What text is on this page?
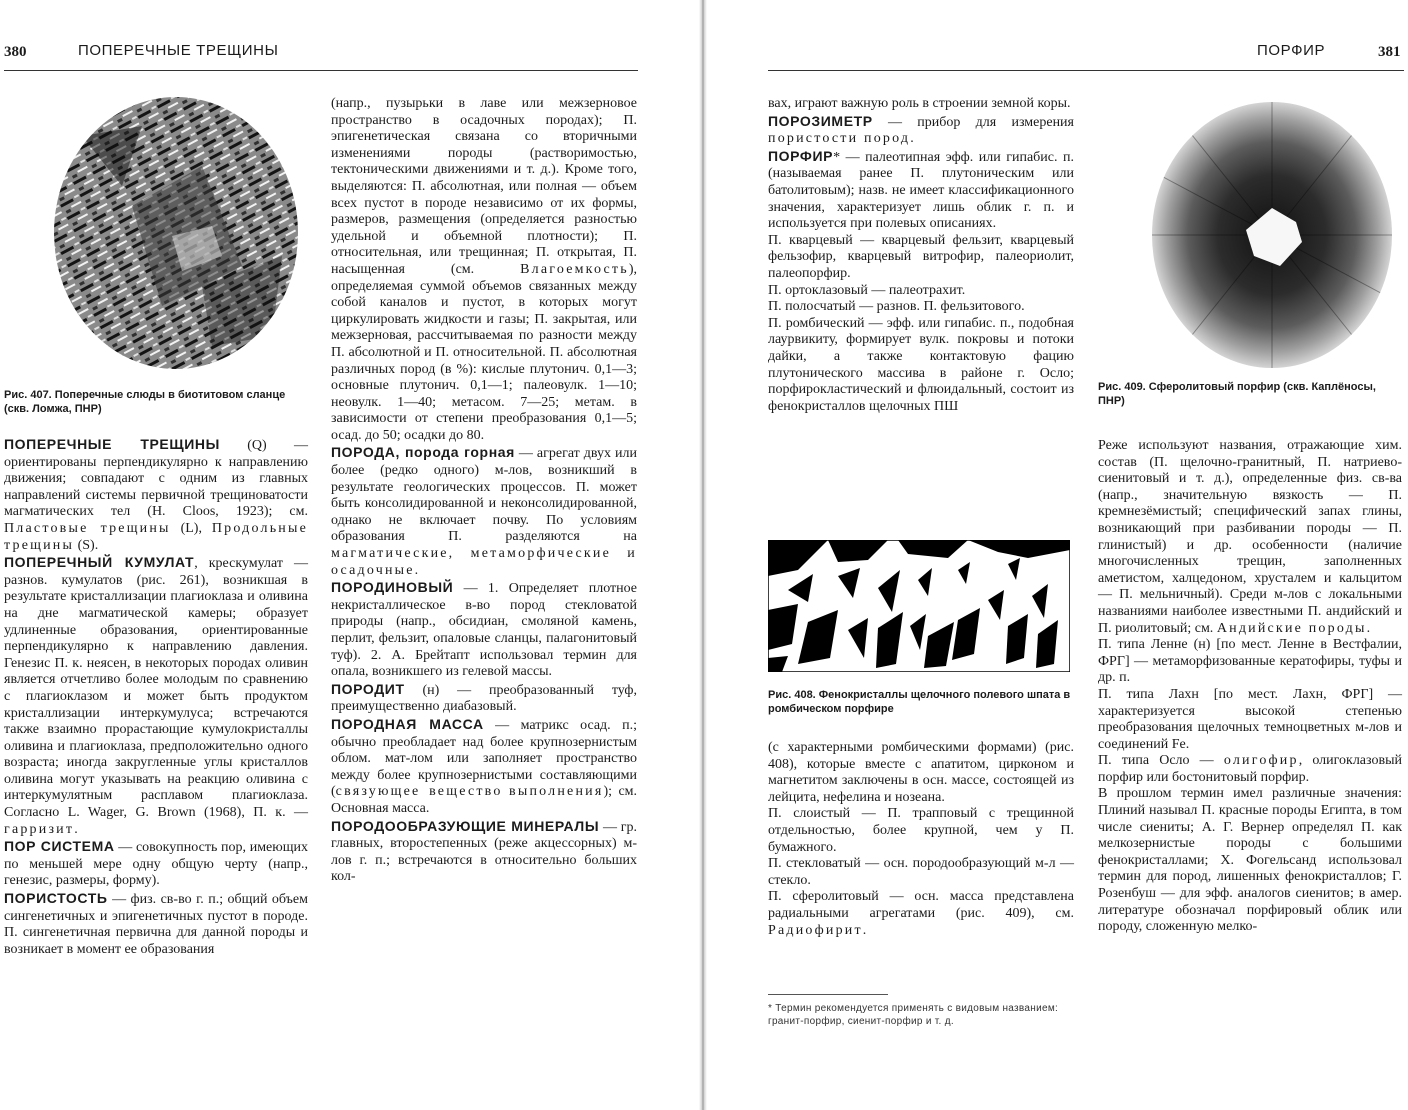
380	ПОПЕРЕЧНЫЕ ТРЕЩИНЫ
Рис. 407. Поперечные слюды в биотитовом сланце (скв. Ломжа, ПНР)

ПОПЕРЕЧНЫЕ ТРЕЩИНЫ (Q) — ориентированы перпендикулярно к направлению движения; совпадают с одним из главных направлений системы первичной трещиноватости магматических тел (H. Cloos, 1923); см. Пластовые трещины (L), Продольные трещины (S).

ПОПЕРЕЧНЫЙ КУМУЛАТ, крескумулат — разнов. кумулатов (рис. 261), возникшая в результате кристаллизации плагиоклаза и оливина на дне магматической камеры; образует удлиненные образования, ориентированные перпендикулярно к направлению давления. Генезис П. к. неясен, в некоторых породах оливин является отчетливо более молодым по сравнению с плагиоклазом и может быть продуктом кристаллизации интеркумулуса; встречаются также взаимно прорастающие кумулокристаллы оливина и плагиоклаза, предположительно одного возраста; иногда закругленные углы кристаллов оливина могут указывать на реакцию оливина с интеркумулятным расплавом плагиоклаза. Согласно L. Wager, G. Brown (1968), П. к. — гарризит.

ПОР СИСТЕМА — совокупность пор, имеющих по меньшей мере одну общую черту (напр., генезис, размеры, форму).

ПОРИСТОСТЬ — физ. св-во г. п.; общий объем сингенетичных и эпигенетичных пустот в породе. П. сингенетичная первична для данной породы и возникает в момент ее образования

(напр., пузырьки в лаве или межзерновое пространство в осадочных породах); П. эпигенетическая связана со вторичными изменениями породы (растворимостью, тектоническими движениями и т. д.). Кроме того, выделяются: П. абсолютная, или полная — объем всех пустот в породе независимо от их формы, размеров, размещения (определяется разностью удельной и объемной плотности); П. относительная, или трещинная; П. открытая, П. насыщенная (см. Влагоемкость), определяемая суммой объемов связанных между собой каналов и пустот, в которых могут циркулировать жидкости и газы; П. закрытая, или межзерновая, рассчитываемая по разности между П. абсолютной и П. относительной. П. абсолютная различных пород (в %): кислые плутонич. 0,1—3; основные плутонич. 0,1—1; палеовулк. 1—10; неовулк. 1—40; метасом. 7—25; метам. в зависимости от степени преобразования 0,1—5; осад. до 50; осадки до 80.

ПОРОДА, порода горная — агрегат двух или более (редко одного) м-лов, возникший в результате геологических процессов. П. может быть консолидированной и неконсолидированной, однако не включает почву. По условиям образования П. разделяются на магматические, метаморфические и осадочные.

ПОРОДИНОВЫЙ — 1. Определяет плотное некристаллическое в-во пород стекловатой природы (напр., обсидиан, смоляной камень, перлит, фельзит, опаловые сланцы, палагонитовый туф). 2. А. Брейтапт использовал термин для опала, возникшего из гелевой массы.

ПОРОДИТ (н) — преобразованный туф, преимущественно диабазовый.

ПОРОДНАЯ МАССА — матрикс осад. п.; обычно преобладает над более крупнозернистым облом. мат-лом или заполняет пространство между более крупнозернистыми составляющими (связующее вещество выполнения); см. Основная масса.

ПОРОДООБРАЗУЮЩИЕ МИНЕРАЛЫ — гр. главных, второстепенных (реже акцессорных) м-лов г. п.; встречаются в относительно больших кол-

ПОРФИР	381

вах, играют важную роль в строении земной коры.

ПОРОЗИМЕТР — прибор для измерения пористости пород.

ПОРФИР* — палеотипная эфф. или гипабис. п. (называемая ранее П. плутоническим или батолитовым); назв. не имеет классификационного значения, характеризует лишь облик г. п. и используется при полевых описаниях.

П. кварцевый — кварцевый фельзит, кварцевый фельзофир, кварцевый витрофир, палеориолит, палеопорфир.

П. ортоклазовый — палеотрахит.

П. полосчатый — разнов. П. фельзитового.

П. ромбический — эфф. или гипабис. п., подобная лаурвикиту, формирует вулк. покровы и потоки дайки, а также контактовую фацию плутонического массива в районе г. Осло; порфирокластический и флюидальный, состоит из фенокристаллов щелочных ПШ

Рис. 408. Фенокристаллы щелочного полевого шпата в ромбическом порфире

(с характерными ромбическими формами) (рис. 408), которые вместе с апатитом, цирконом и магнетитом заключены в осн. массе, состоящей из лейцита, нефелина и нозеана.

П. слоистый — П. трапповый с трещинной отдельностью, более крупной, чем у П. бумажного.

П. стекловатый — осн. породообразующий м-л — стекло.

П. сферолитовый — осн. масса представлена радиальными агрегатами (рис. 409), см. Радиофирит.

* Термин рекомендуется применять с видовым названием: гранит-порфир, сиенит-порфир и т. д.
Рис. 409. Сферолитовый порфир (скв. Каплёносы, ПНР)

Реже используют названия, отражающие хим. состав (П. щелочно-гранитный, П. натриево-сиенитовый и т. д.), определенные физ. св-ва (напр., значительную вязкость — П. кремнезёмистый; специфический запах глины, возникающий при разбивании породы — П. глинистый) и др. особенности (наличие многочисленных трещин, заполненных аметистом, халцедоном, хрусталем и кальцитом — П. мельничный). Среди м-лов с локальными названиями наиболее известными П. андийский и П. риолитовый; см. Андийские породы.

П. типа Ленне (н) [по мест. Ленне в Вестфалии, ФРГ] — метаморфизованные кератофиры, туфы и др. п.

П. типа Лахн [по мест. Лахн, ФРГ] — характеризуется высокой степенью преобразования щелочных темноцветных м-лов и соединений Fe.

П. типа Осло — олигофир, олигоклазовый порфир или бостонитовый порфир.

В прошлом термин имел различные значения: Плиний называл П. красные породы Египта, в том числе сиениты; А. Г. Вернер определял П. как мелкозернистые породы с большими фенокристаллами; Х. Фогельсанд использовал термин для пород, лишенных фенокристаллов; Г. Розенбуш — для эфф. аналогов сиенитов; в амер. литературе обозначал порфировый облик или породу, сложенную мелко-
